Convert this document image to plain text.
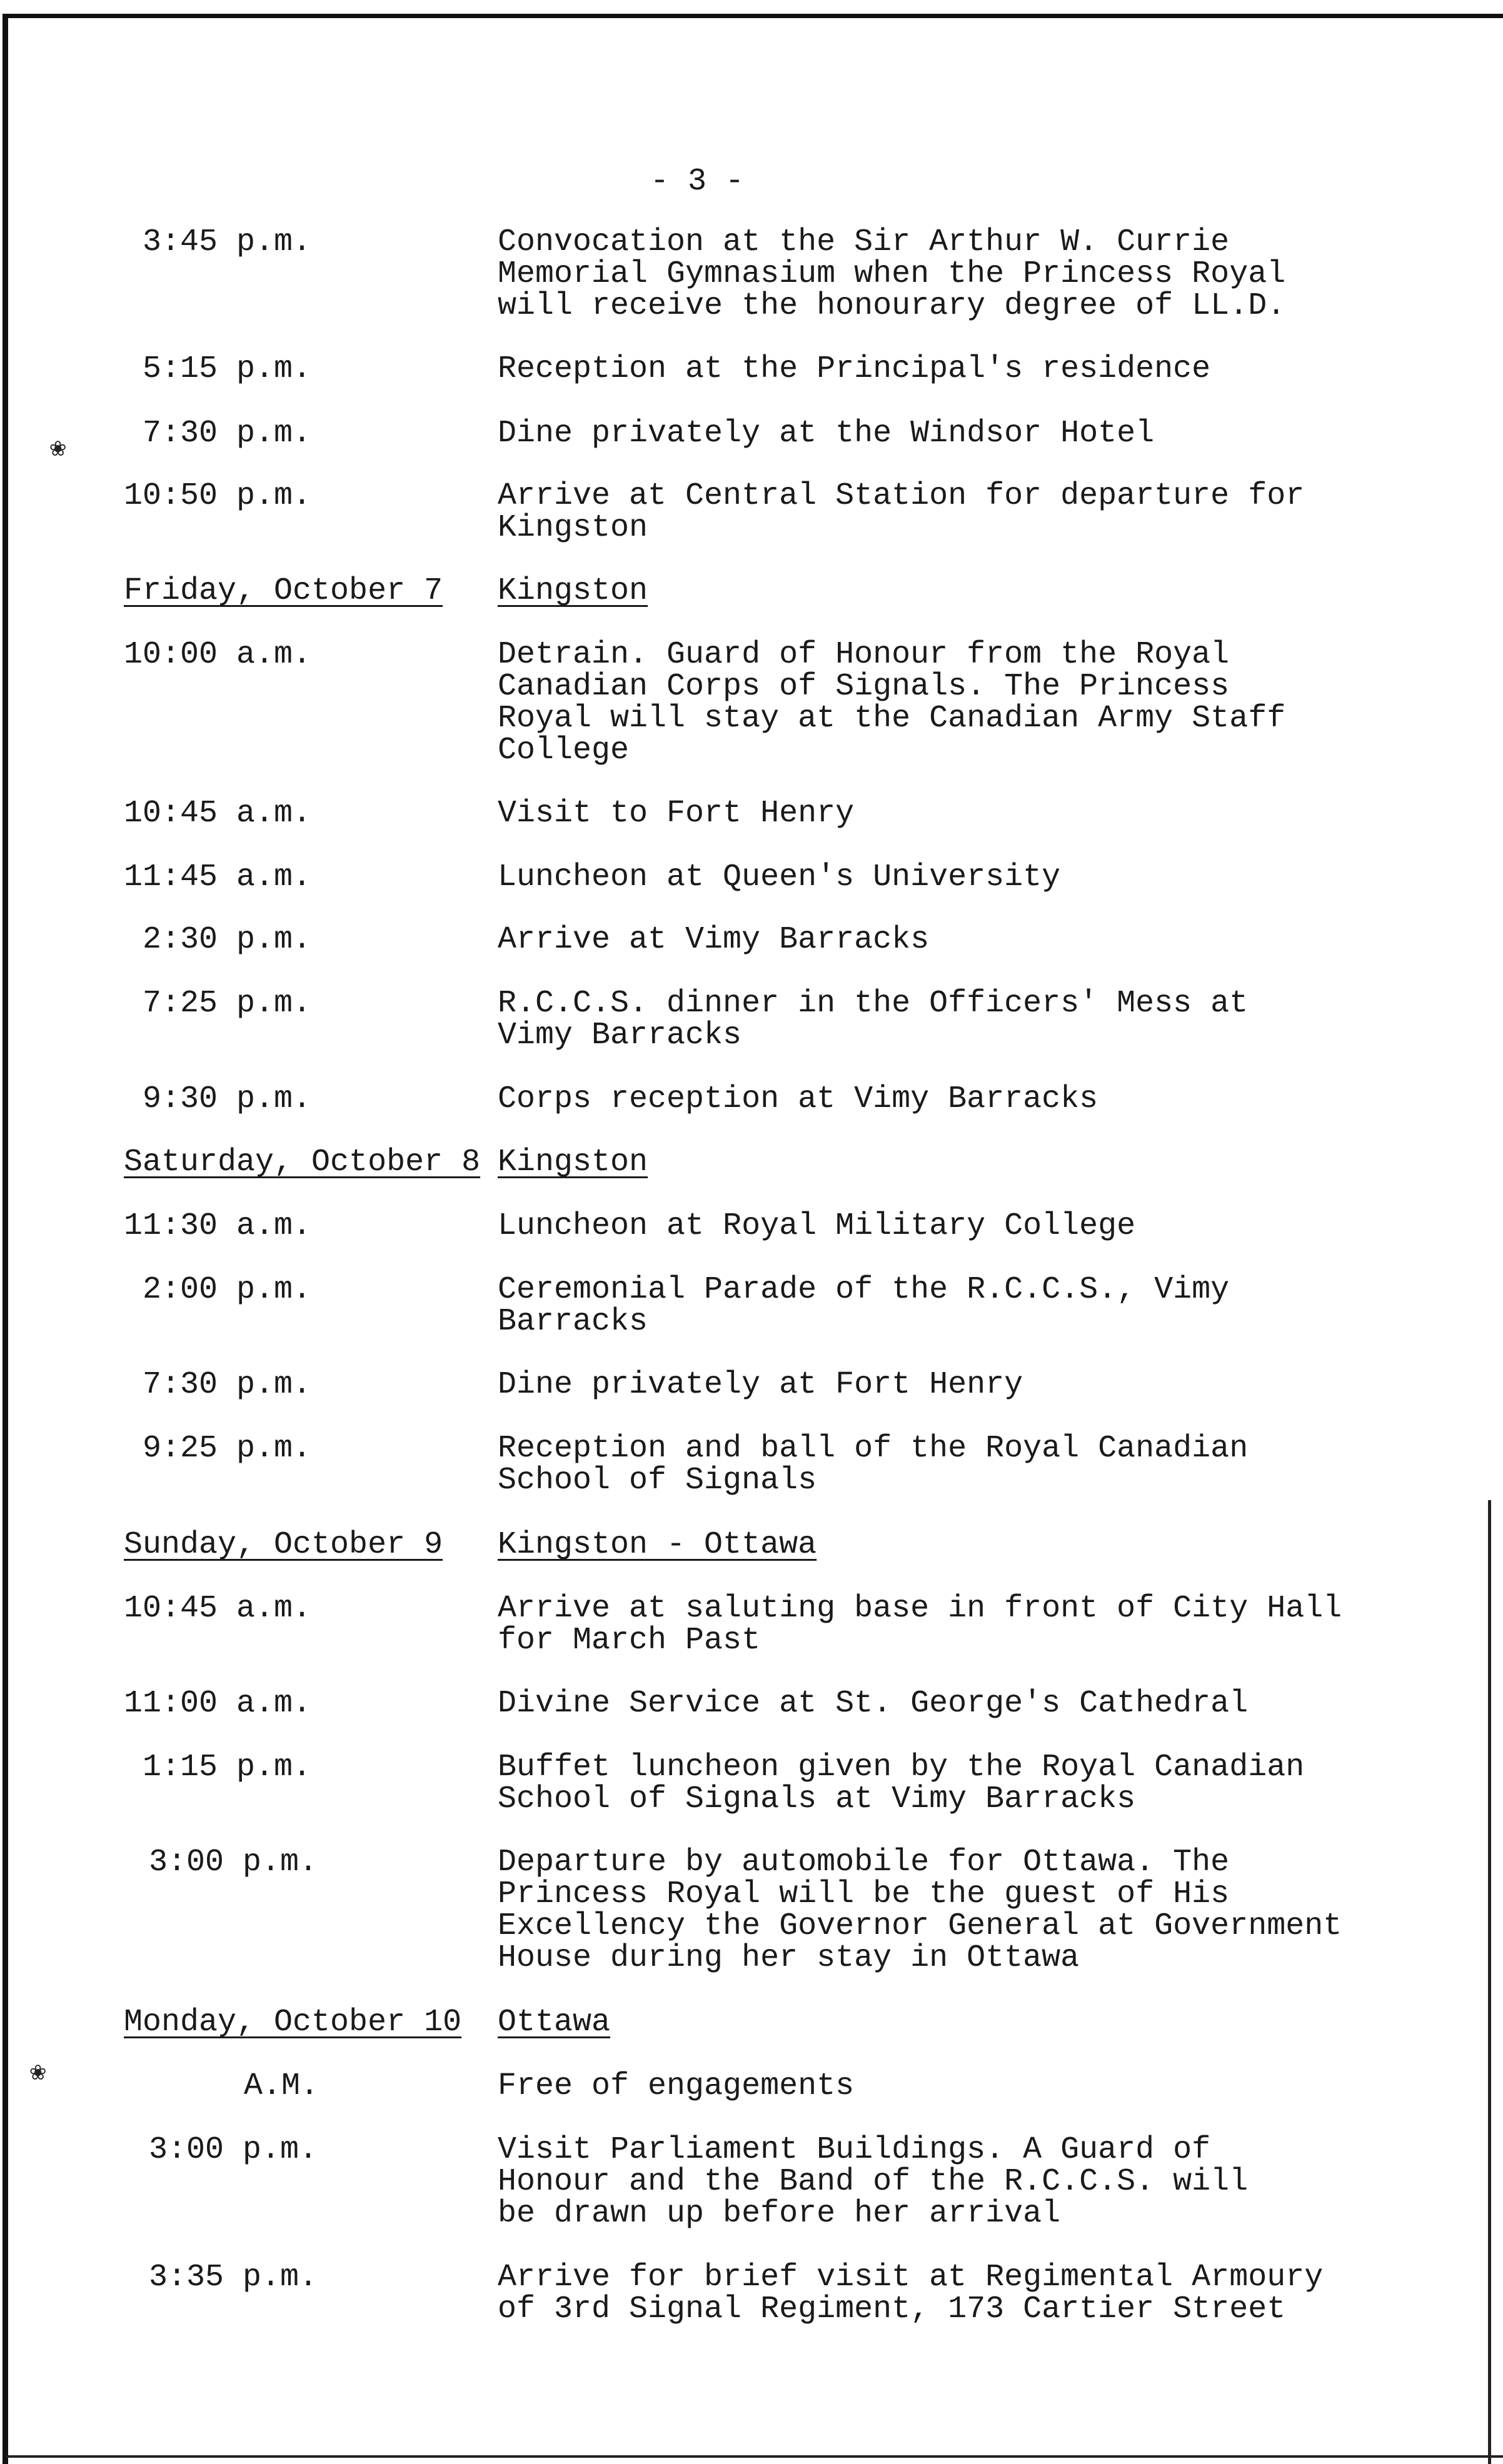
❀
❀
- 3 -
3:45 p.m.	Convocation at the Sir Arthur W. Currie
Memorial Gymnasium when the Princess Royal
will receive the honourary degree of LL.D.
5:15 p.m.	Reception at the Principal's residence
7:30 p.m.	Dine privately at the Windsor Hotel
10:50 p.m.	Arrive at Central Station for departure for
Kingston
Friday, October 7 Kingston
10:00 a.m.	Detrain. Guard of Honour from the Royal
Canadian Corps of Signals. The Princess
Royal will stay at the Canadian Army Staff
College
10:45 a.m.	Visit to Fort Henry
11:45 a.m.	Luncheon at Queen's University
2:30 p.m.	Arrive at Vimy Barracks
7:25 p.m.	R.C.C.S. dinner in the Officers' Mess at
Vimy Barracks
9:30 p.m.	Corps reception at Vimy Barracks
Saturday, October 8 Kingston
11:30 a.m.	Luncheon at Royal Military College
2:00 p.m.	Ceremonial Parade of the R.C.C.S., Vimy
Barracks
7:30 p.m.	Dine privately at Fort Henry
9:25 p.m.	Reception and ball of the Royal Canadian
School of Signals
Sunday, October 9 Kingston - Ottawa
10:45 a.m.	Arrive at saluting base in front of City Hall
for March Past
11:00 a.m.	Divine Service at St. George's Cathedral
1:15 p.m.	Buffet luncheon given by the Royal Canadian
School of Signals at Vimy Barracks
3:00 p.m.	Departure by automobile for Ottawa. The
Princess Royal will be the guest of His
Excellency the Governor General at Government
House during her stay in Ottawa
Monday, October 10 Ottawa
A.M.	Free of engagements
3:00 p.m.	Visit Parliament Buildings. A Guard of
Honour and the Band of the R.C.C.S. will
be drawn up before her arrival
3:35 p.m.	Arrive for brief visit at Regimental Armoury
of 3rd Signal Regiment, 173 Cartier Street
